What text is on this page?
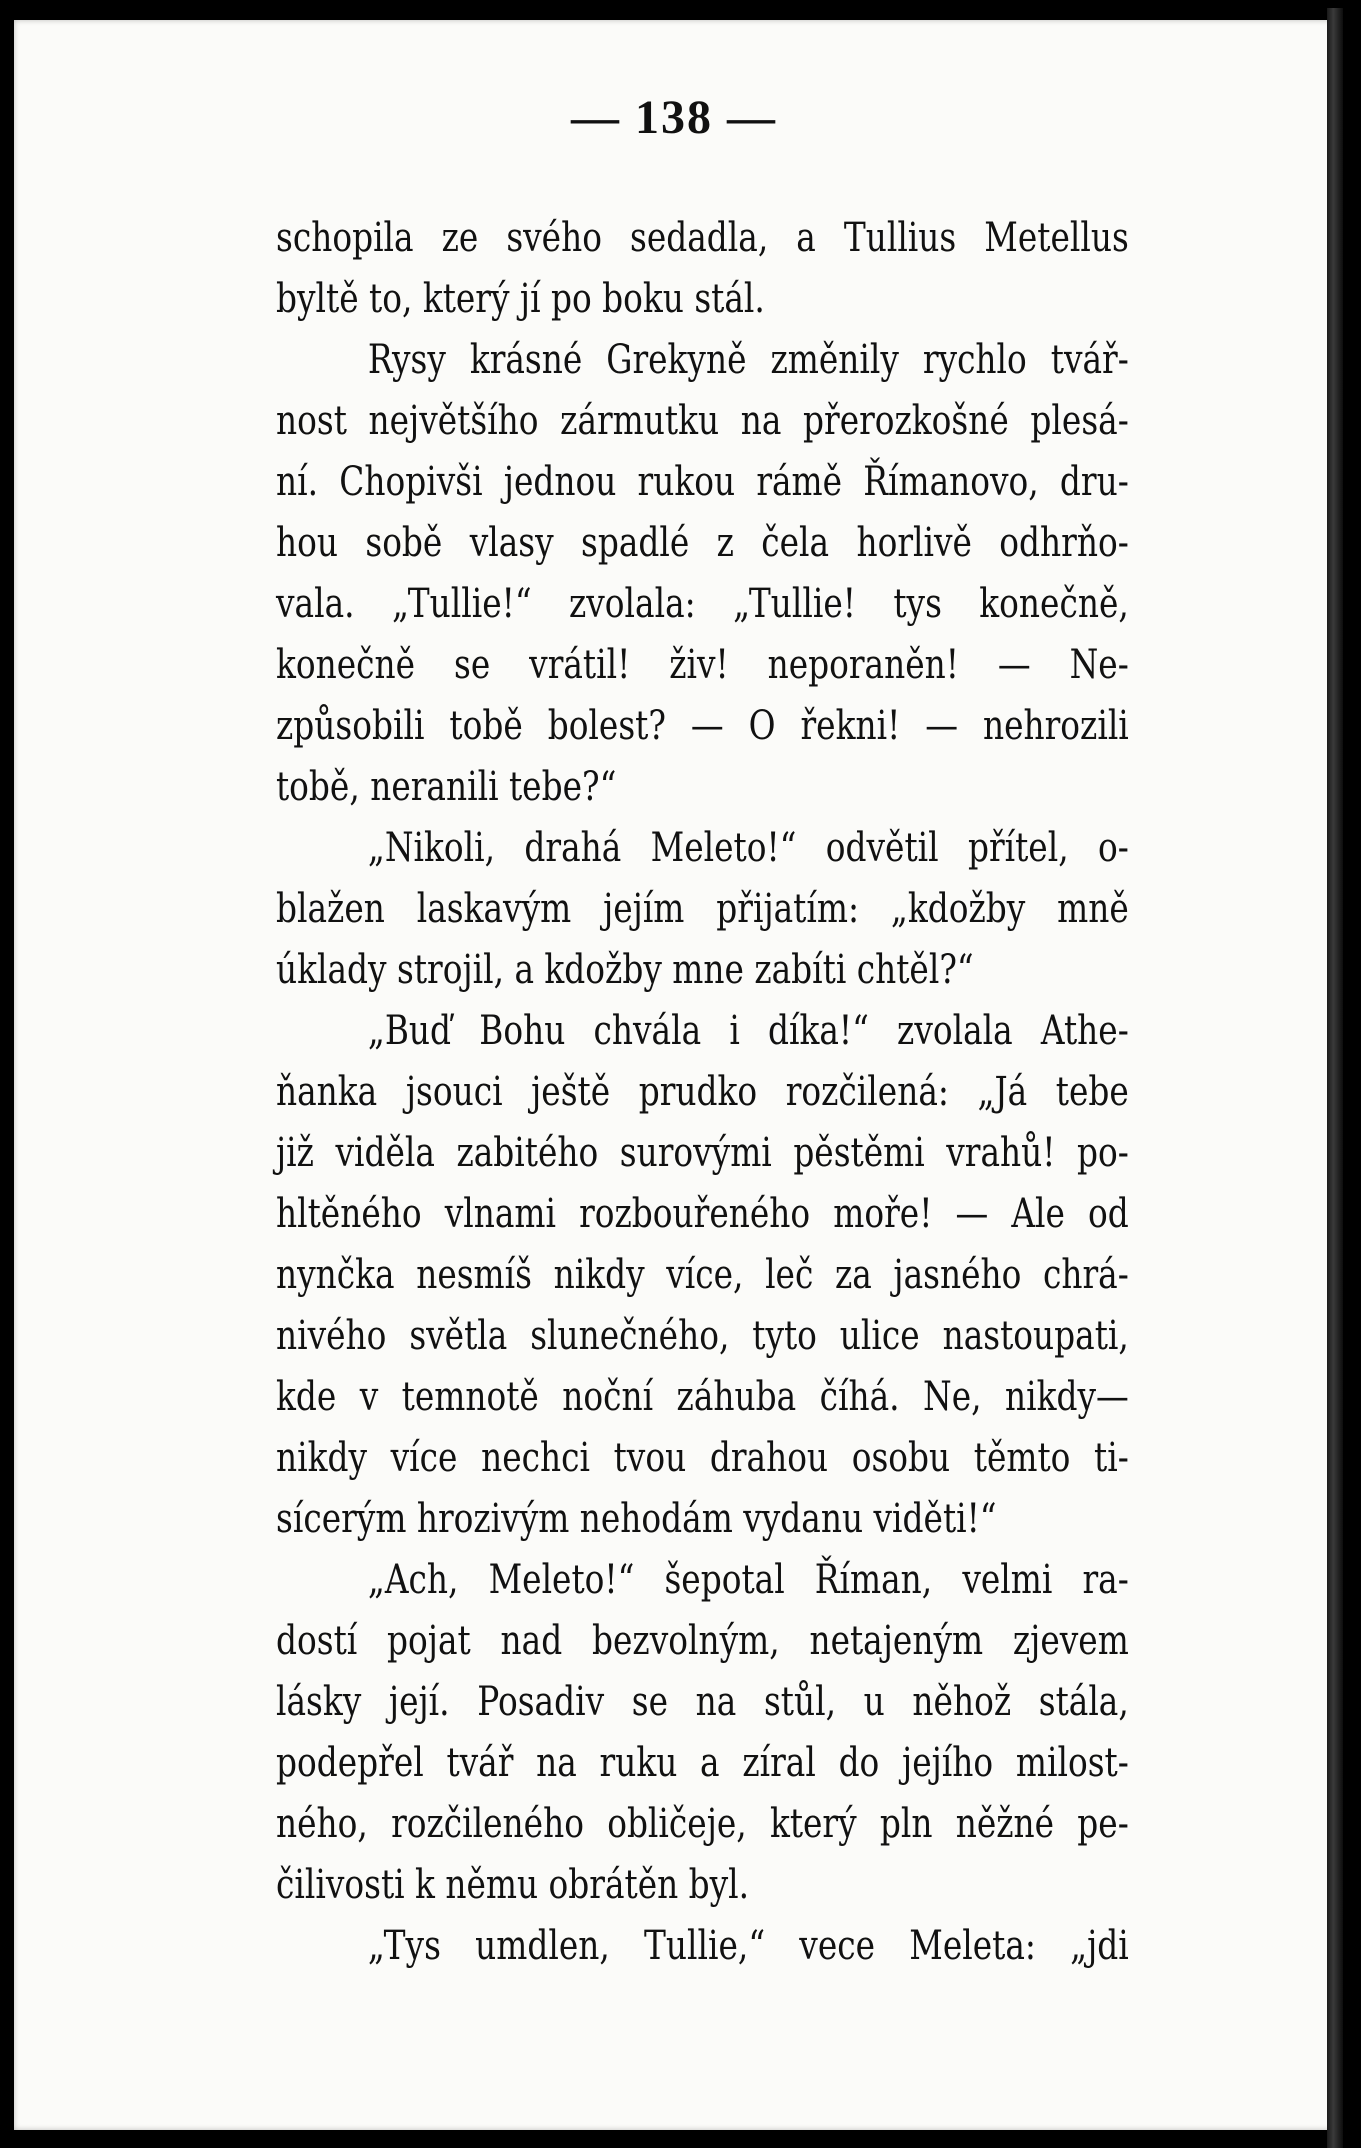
— 138 —
schopila ze svého sedadla, a Tullius Metellus
byltě to, který jí po boku stál.
Rysy krásné Grekyně změnily rychlo tvář-
nost největšího zármutku na přerozkošné plesá-
ní. Chopivši jednou rukou rámě Římanovo, dru-
hou sobě vlasy spadlé z čela horlivě odhrňo-
vala. „Tullie!“ zvolala: „Tullie! tys konečně,
konečně se vrátil! živ! neporaněn! — Ne-
způsobili tobě bolest? — O řekni! — nehrozili
tobě, neranili tebe?“
„Nikoli, drahá Meleto!“ odvětil přítel, o-
blažen laskavým jejím přijatím: „kdožby mně
úklady strojil, a kdožby mne zabíti chtěl?“
„Buď Bohu chvála i díka!“ zvolala Athe-
ňanka jsouci ještě prudko rozčilená: „Já tebe
již viděla zabitého surovými pěstěmi vrahů! po-
hltěného vlnami rozbouřeného moře! — Ale od
nynčka nesmíš nikdy více, leč za jasného chrá-
nivého světla slunečného, tyto ulice nastoupati,
kde v temnotě noční záhuba číhá. Ne, nikdy—
nikdy více nechci tvou drahou osobu těmto ti-
sícerým hrozivým nehodám vydanu viděti!“
„Ach, Meleto!“ šepotal Říman, velmi ra-
dostí pojat nad bezvolným, netajeným zjevem
lásky její. Posadiv se na stůl, u něhož stála,
podepřel tvář na ruku a zíral do jejího milost-
ného, rozčileného obličeje, který pln něžné pe-
čilivosti k němu obrátěn byl.
„Tys umdlen, Tullie,“ vece Meleta: „jdi
